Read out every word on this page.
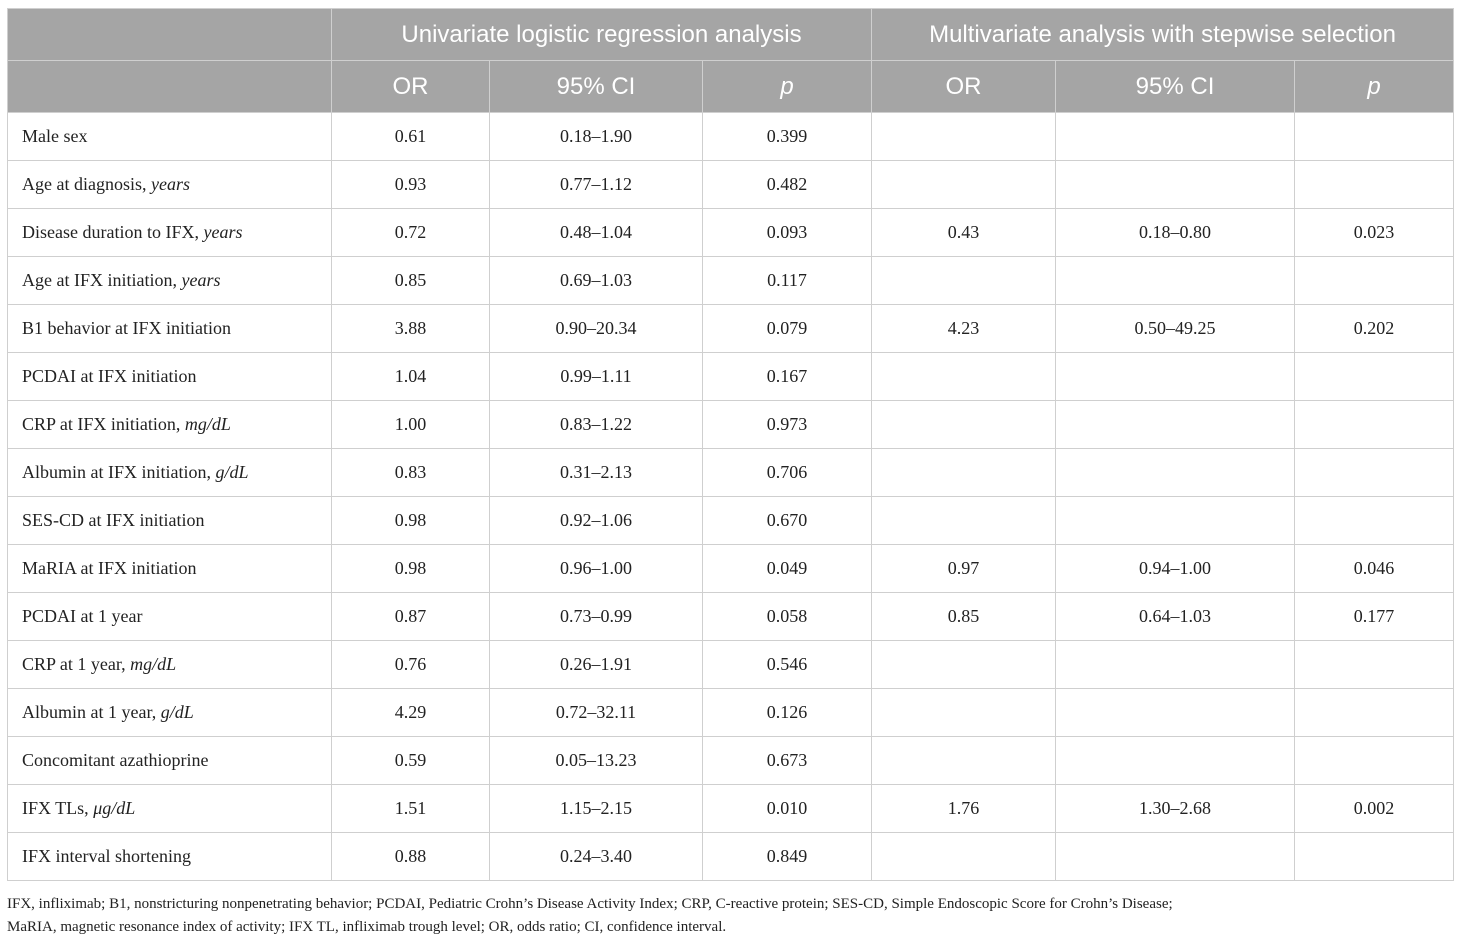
	Univariate logistic regression analysis			Multivariate analysis with stepwise selection		
	OR	95% CI	p	OR	95% CI	p
Male sex	0.61	0.18–1.90	0.399			
Age at diagnosis, years	0.93	0.77–1.12	0.482			
Disease duration to IFX, years	0.72	0.48–1.04	0.093	0.43	0.18–0.80	0.023
Age at IFX initiation, years	0.85	0.69–1.03	0.117			
B1 behavior at IFX initiation	3.88	0.90–20.34	0.079	4.23	0.50–49.25	0.202
PCDAI at IFX initiation	1.04	0.99–1.11	0.167			
CRP at IFX initiation, mg/dL	1.00	0.83–1.22	0.973			
Albumin at IFX initiation, g/dL	0.83	0.31–2.13	0.706			
SES-CD at IFX initiation	0.98	0.92–1.06	0.670			
MaRIA at IFX initiation	0.98	0.96–1.00	0.049	0.97	0.94–1.00	0.046
PCDAI at 1 year	0.87	0.73–0.99	0.058	0.85	0.64–1.03	0.177
CRP at 1 year, mg/dL	0.76	0.26–1.91	0.546			
Albumin at 1 year, g/dL	4.29	0.72–32.11	0.126			
Concomitant azathioprine	0.59	0.05–13.23	0.673			
IFX TLs, μg/dL	1.51	1.15–2.15	0.010	1.76	1.30–2.68	0.002
IFX interval shortening	0.88	0.24–3.40	0.849			
IFX, infliximab; B1, nonstricturing nonpenetrating behavior; PCDAI, Pediatric Crohn’s Disease Activity Index; CRP, C-reactive protein; SES-CD, Simple Endoscopic Score for Crohn’s Disease;
MaRIA, magnetic resonance index of activity; IFX TL, infliximab trough level; OR, odds ratio; CI, confidence interval.
